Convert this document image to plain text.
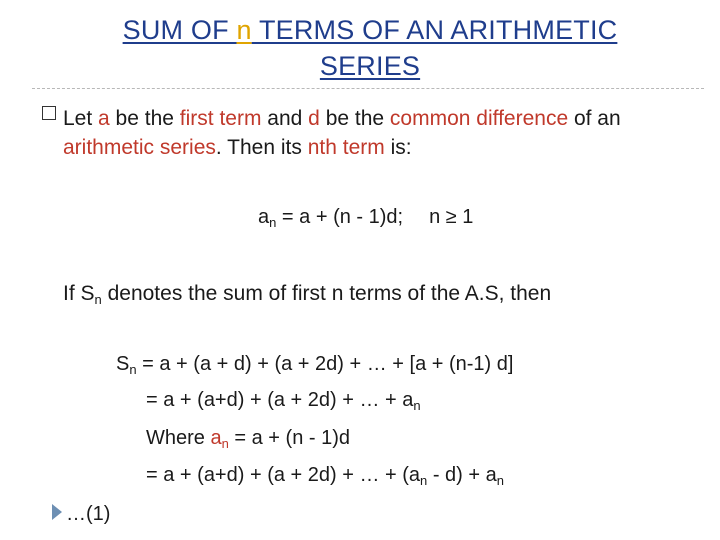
SUM OF n TERMS OF AN ARITHMETIC
SERIES
Let a be the first term and d be the common difference of an arithmetic series. Then its nth term is:
$a_n = a + (n - 1)d$; n ≥ 1
If $S_n$ denotes the sum of first n terms of the A.S, then
$S_n = a + (a + d) + (a + 2d)$ + … + [a + (n-1) d]
= a + (a+d) + (a + 2d) + … + $a_n$
Where $a_n = a + (n - 1)d$
= a + (a+d) + (a + 2d) + … + $(a_n - d) + a_n$
…(1)
